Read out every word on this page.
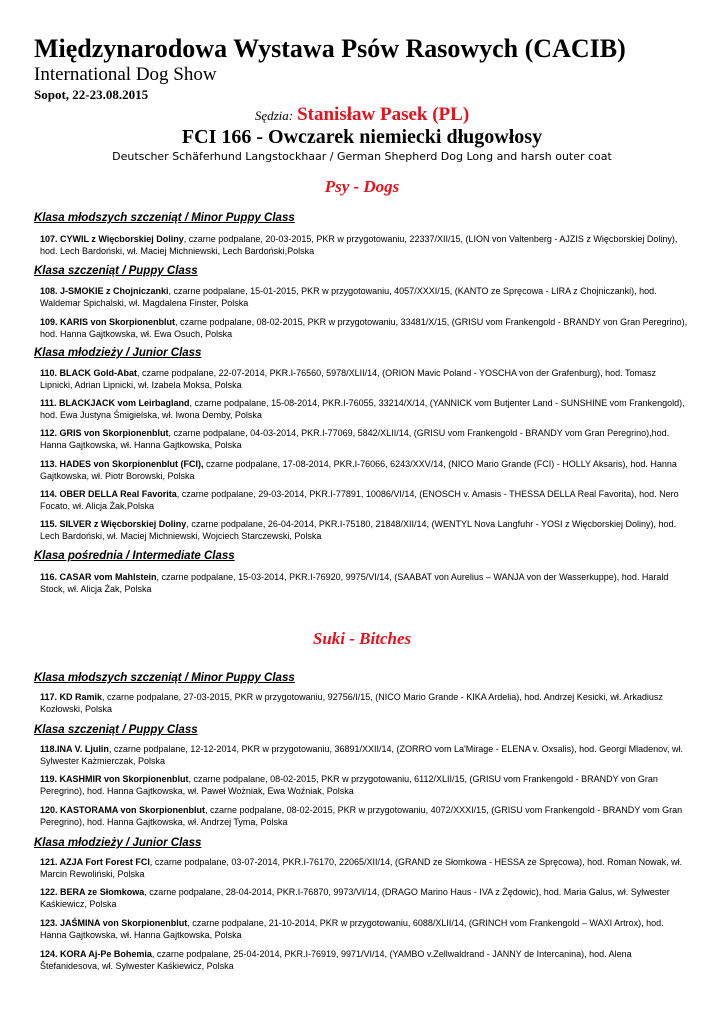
Międzynarodowa Wystawa Psów Rasowych (CACIB)
International Dog Show
Sopot, 22-23.08.2015
Sędzia: Stanisław Pasek (PL)
FCI 166 - Owczarek niemiecki długowłosy
Deutscher Schäferhund Langstockhaar / German Shepherd Dog Long and harsh outer coat
Psy - Dogs
Klasa młodszych szczeniąt / Minor Puppy Class
107. CYWIL z Więcborskiej Doliny, czarne podpalane, 20-03-2015, PKR w przygotowaniu, 22337/XII/15, (LION von Valtenberg - AJZIS z Więcborskiej Doliny), hod. Lech Bardoński, wł. Maciej Michniewski, Lech Bardoński,Polska
Klasa szczeniąt / Puppy Class
108. J-SMOKIE z Chojniczanki, czarne podpalane, 15-01-2015, PKR w przygotowaniu, 4057/XXXI/15, (KANTO ze Spręcowa - LIRA z Chojniczanki), hod. Waldemar Spichalski, wł. Magdalena Finster, Polska
109. KARIS von Skorpionenblut, czarne podpalane, 08-02-2015, PKR w przygotowaniu, 33481/X/15, (GRISU vom Frankengold - BRANDY von Gran Peregrino), hod. Hanna Gajtkowska, wł. Ewa Osuch, Polska
Klasa młodzieży / Junior Class
110. BLACK Gold-Abat, czarne podpalane, 22-07-2014, PKR.I-76560, 5978/XLII/14, (ORION Mavic Poland - YOSCHA von der Grafenburg), hod. Tomasz Lipnicki, Adrian Lipnicki, wł. Izabela Moksa, Polska
111. BLACKJACK vom Leirbagland, czarne podpalane, 15-08-2014, PKR.I-76055, 33214/X/14, (YANNICK vom Butjenter Land - SUNSHINE vom Frankengold), hod. Ewa Justyna Śmigielska, wł. Iwona Demby, Polska
112. GRIS von Skorpionenblut, czarne podpalane, 04-03-2014, PKR.I-77069, 5842/XLII/14, (GRISU vom Frankengold - BRANDY vom Gran Peregrino),hod. Hanna Gajtkowska, wł. Hanna Gajtkowska, Polska
113. HADES von Skorpionenblut (FCI), czarne podpalane, 17-08-2014, PKR.I-76066, 6243/XXV/14, (NICO Mario Grande (FCI) - HOLLY Aksaris), hod. Hanna Gajtkowska, wł. Piotr Borowski, Polska
114. OBER DELLA Real Favorita, czarne podpalane, 29-03-2014, PKR.I-77891, 10086/VI/14, (ENOSCH v. Amasis - THESSA DELLA Real Favorita), hod. Nero Focato, wł. Alicja Żak,Polska
115. SILVER z Więcborskiej Doliny, czarne podpalane, 26-04-2014, PKR.I-75180, 21848/XII/14, (WENTYL Nova Langfuhr - YOSI z Więcborskiej Doliny), hod. Lech Bardoński, wł. Maciej Michniewski, Wojciech Starczewski, Polska
Klasa pośrednia / Intermediate Class
116. CASAR vom Mahlstein, czarne podpalane, 15-03-2014, PKR.I-76920, 9975/VI/14, (SAABAT von Aurelius – WANJA von der Wasserkuppe), hod. Harald Stock, wł. Alicja Żak, Polska
Suki - Bitches
Klasa młodszych szczeniąt / Minor Puppy Class
117. KD Ramik, czarne podpalane, 27-03-2015, PKR w przygotowaniu, 92756/I/15, (NICO Mario Grande - KIKA Ardelia), hod. Andrzej Kesicki, wł. Arkadiusz Kozłowski, Polska
Klasa szczeniąt / Puppy Class
118.INA V. Ljulin, czarne podpalane, 12-12-2014, PKR w przygotowaniu, 36891/XXII/14, (ZORRO vom La'Mirage - ELENA v. Oxsalis), hod. Georgi Mladenov, wł. Sylwester Każmierczak, Polska
119. KASHMIR von Skorpionenblut, czarne podpalane, 08-02-2015, PKR w przygotowaniu, 6112/XLII/15, (GRISU vom Frankengold - BRANDY von Gran Peregrino), hod. Hanna Gajtkowska, wł. Paweł Wożniak, Ewa Woźniak, Polska
120. KASTORAMA von Skorpionenblut, czarne podpalane, 08-02-2015, PKR w przygotowaniu, 4072/XXXI/15, (GRISU vom Frankengold - BRANDY vom Gran Peregrino), hod. Hanna Gajtkowska, wł. Andrzej Tyma, Polska
Klasa młodzieży / Junior Class
121. AZJA Fort Forest FCI, czarne podpalane, 03-07-2014, PKR.I-76170, 22065/XII/14, (GRAND ze Słomkowa - HESSA ze Spręcowa), hod. Roman Nowak, wł. Marcin Rewoliński, Polska
122. BERA ze Słomkowa, czarne podpalane, 28-04-2014, PKR.I-76870, 9973/VI/14, (DRAGO Marino Haus - IVA z Żędowic), hod. Maria Galus, wł. Sylwester Kaśkiewicz, Polska
123. JAŚMINA von Skorpionenblut, czarne podpalane, 21-10-2014, PKR w przygotowaniu, 6088/XLII/14, (GRINCH vom Frankengold – WAXI Artrox), hod. Hanna Gajtkowska, wł. Hanna Gajtkowska, Polska
124. KORA Aj-Pe Bohemia, czarne podpalane, 25-04-2014, PKR.I-76919, 9971/VI/14, (YAMBO v.Zellwaldrand - JANNY de Intercanina), hod. Alena Štefanidesova, wł. Sylwester Kaśkiewicz, Polska
